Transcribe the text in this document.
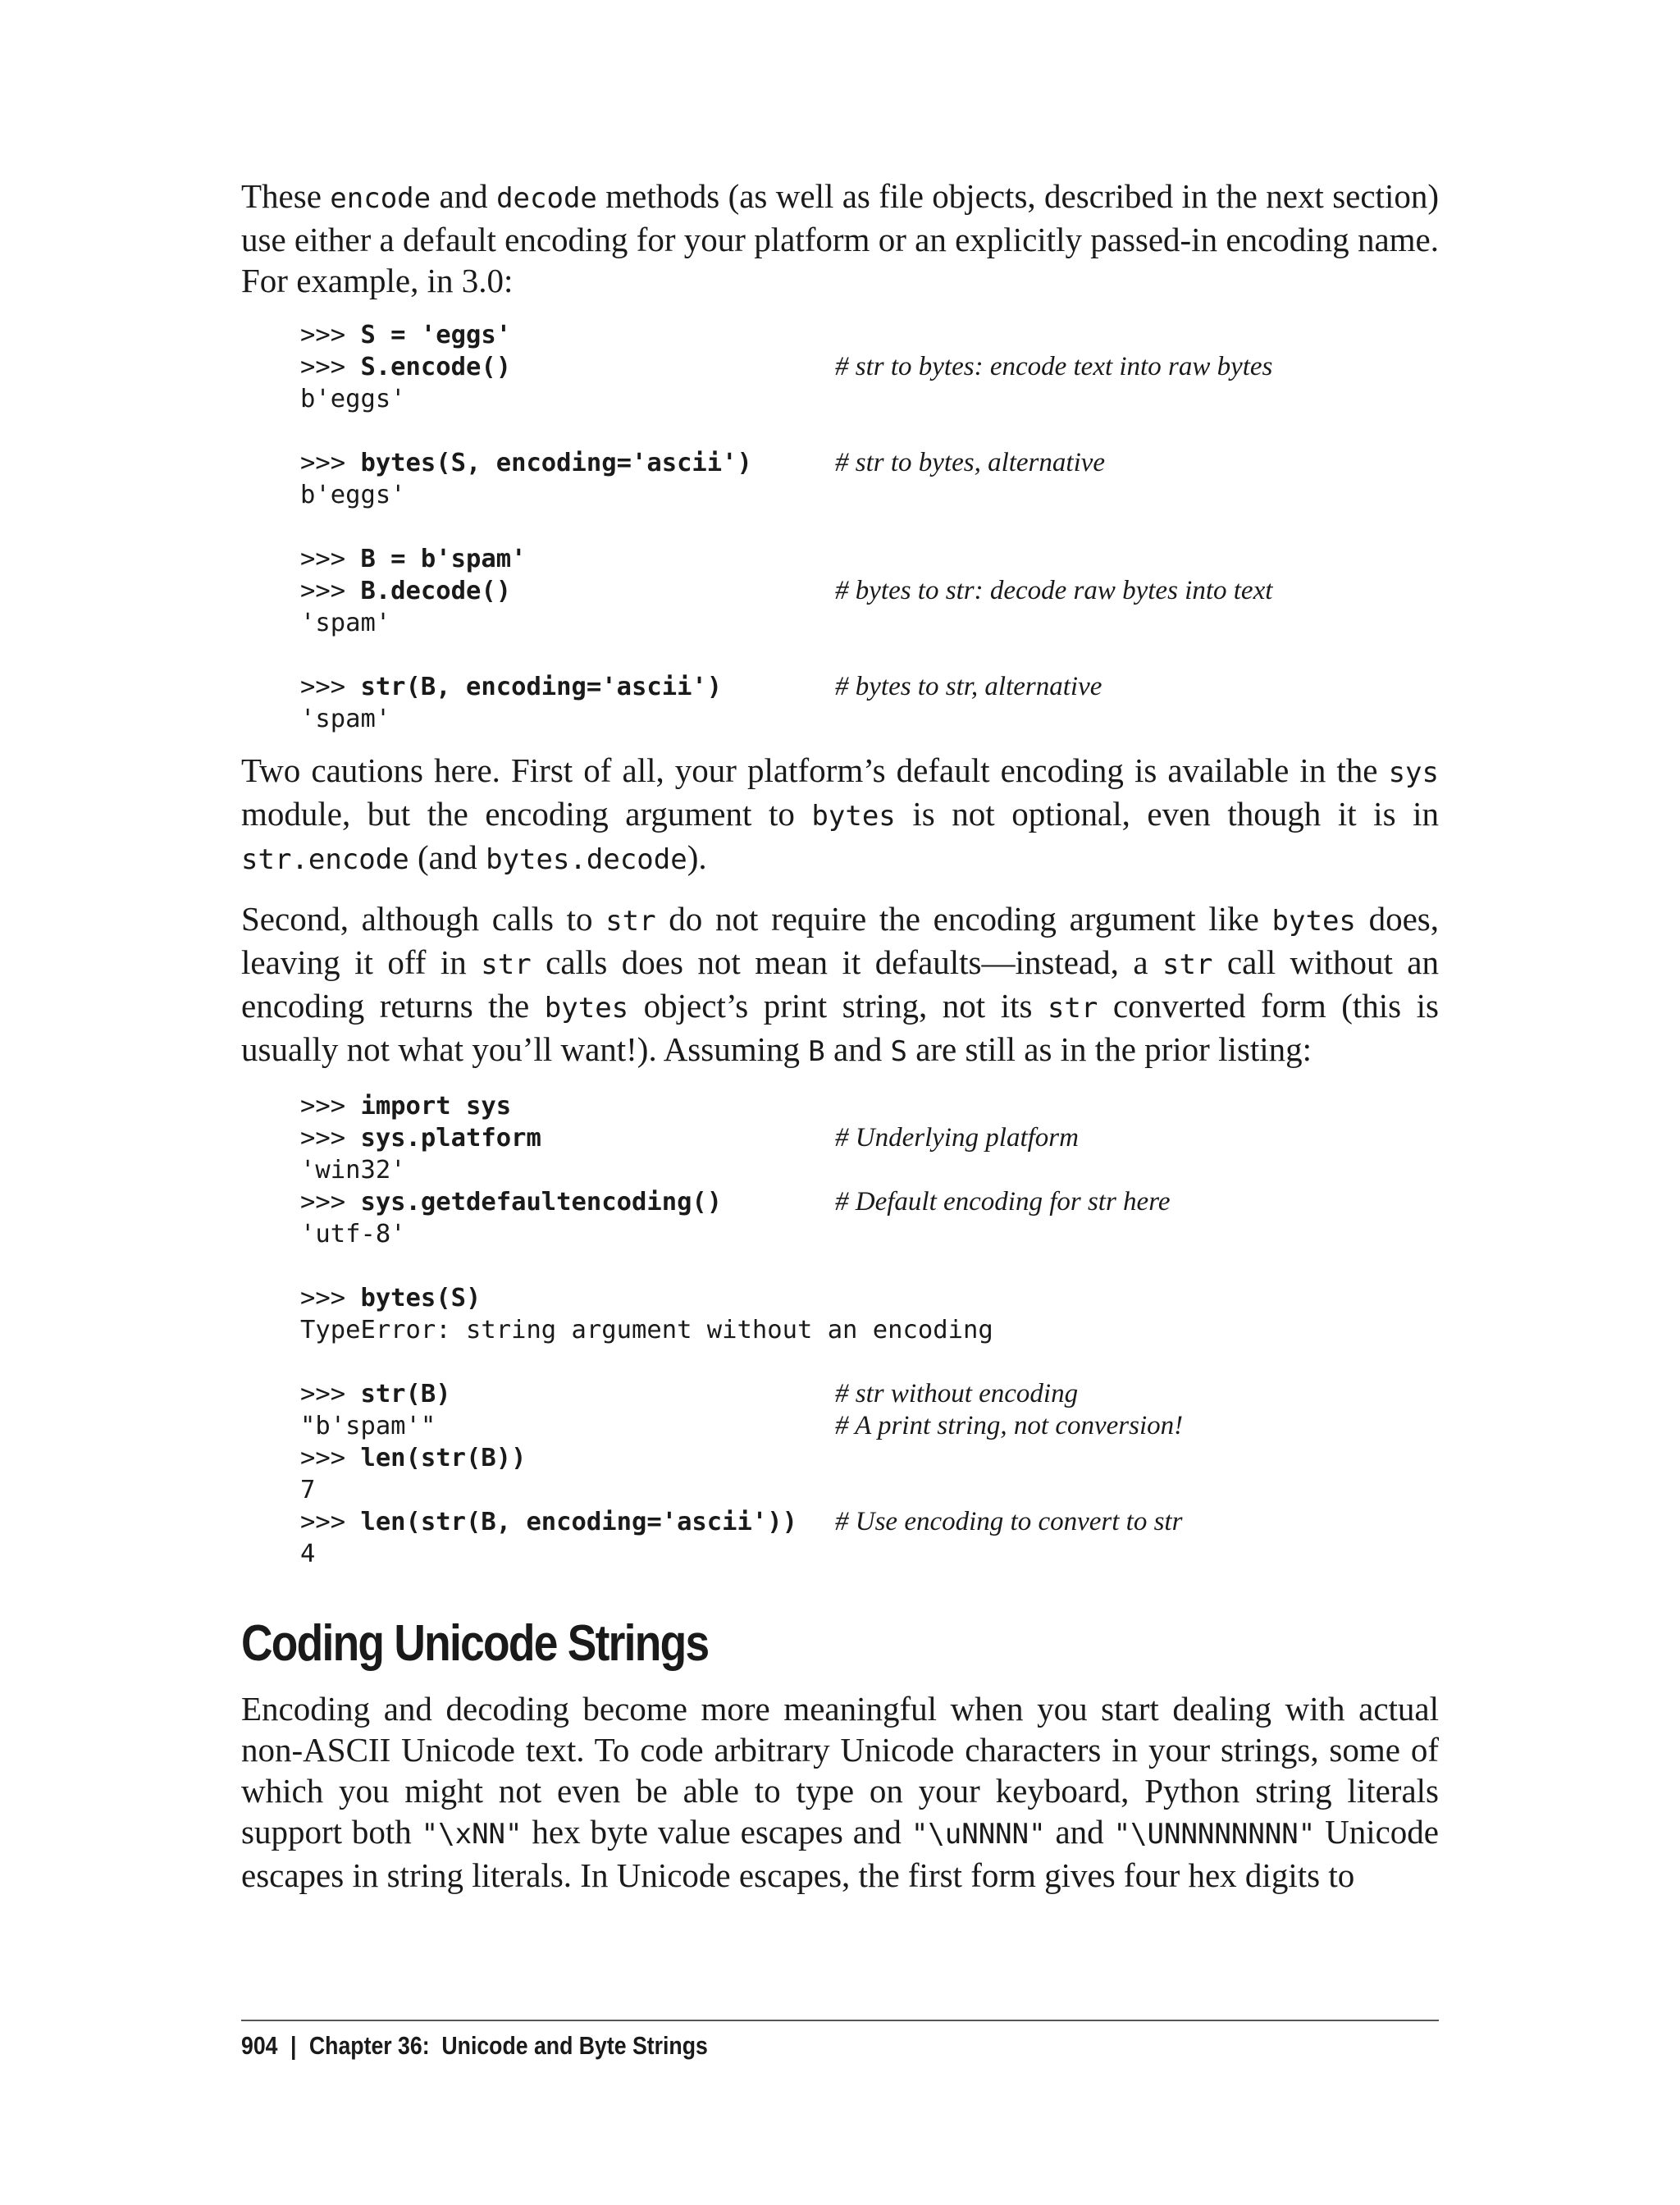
These encode and decode methods (as well as file objects, described in the next section) use either a default encoding for your platform or an explicitly passed-in encoding name. For example, in 3.0:

>>> S = 'eggs'
>>> S.encode()	# str to bytes: encode text into raw bytes
b'eggs'
>>> bytes(S, encoding='ascii')	# str to bytes, alternative
b'eggs'
>>> B = b'spam'
>>> B.decode()	# bytes to str: decode raw bytes into text
'spam'
>>> str(B, encoding='ascii')	# bytes to str, alternative
'spam'

Two cautions here. First of all, your platform’s default encoding is available in the sys module, but the encoding argument to bytes is not optional, even though it is in str.encode (and bytes.decode).

Second, although calls to str do not require the encoding argument like bytes does, leaving it off in str calls does not mean it defaults—instead, a str call without an encoding returns the bytes object’s print string, not its str converted form (this is usually not what you’ll want!). Assuming B and S are still as in the prior listing:

>>> import sys
>>> sys.platform	# Underlying platform
'win32'
>>> sys.getdefaultencoding()	# Default encoding for str here
'utf-8'
>>> bytes(S)
TypeError: string argument without an encoding
>>> str(B)	# str without encoding
"b'spam'"	# A print string, not conversion!
>>> len(str(B))
7
>>> len(str(B, encoding='ascii'))	# Use encoding to convert to str
4
Coding Unicode Strings

Encoding and decoding become more meaningful when you start dealing with actual non-ASCII Unicode text. To code arbitrary Unicode characters in your strings, some of which you might not even be able to type on your keyboard, Python string literals support both "\xNN" hex byte value escapes and "\uNNNN" and "\UNNNNNNNN" Unicode escapes in string literals. In Unicode escapes, the first form gives four hex digits to

904 | Chapter 36:  Unicode and Byte Strings
